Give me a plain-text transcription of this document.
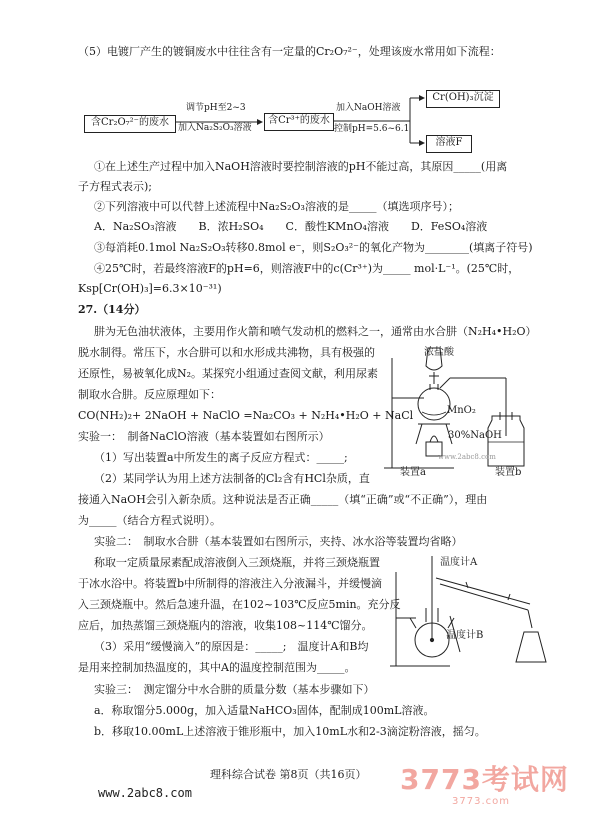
（5）电镀厂产生的镀铜废水中往往含有一定量的Cr₂O₇²⁻，处理该废水常用如下流程：
含Cr₂O₇²⁻的废水
调节pH至2~3
加入Na₂S₂O₃溶液
含Cr³⁺的废水
加入NaOH溶液
控制pH=5.6~6.1
Cr(OH)₃沉淀
溶液F
①在上述生产过程中加入NaOH溶液时要控制溶液的pH不能过高，其原因_____(用离
子方程式表示);
②下列溶液中可以代替上述流程中Na₂S₂O₃溶液的是_____（填选项序号）；
A．Na₂SO₃溶液　　B．浓H₂SO₄　　C．酸性KMnO₄溶液　　D．FeSO₄溶液
③每消耗0.1mol Na₂S₂O₃转移0.8mol e⁻，则S₂O₃²⁻的氧化产物为________(填离子符号)
④25℃时，若最终溶液F的pH=6，则溶液F中的c(Cr³⁺)为_____ mol·L⁻¹。(25℃时，
Ksp[Cr(OH)₃]=6.3×10⁻³¹)
27.（14分）
肼为无色油状液体，主要用作火箭和喷气发动机的燃料之一，通常由水合肼（N₂H₄•H₂O）
脱水制得。常压下，水合肼可以和水形成共沸物，具有极强的
还原性，易被氧化成N₂。某探究小组通过查阅文献，利用尿素
制取水合肼。反应原理如下：
CO(NH₂)₂+ 2NaOH + NaClO =Na₂CO₃ + N₂H₄•H₂O + NaCl
实验一：　制备NaClO溶液（基本装置如右图所示）
（1）写出装置a中所发生的离子反应方程式：_____;
（2）某同学认为用上述方法制备的Cl₂含有HCl杂质，直
接通入NaOH会引入新杂质。这种说法是否正确_____（填“正确”或“不正确”），理由
为_____（结合方程式说明）。
实验二：　制取水合肼（基本装置如右图所示，夹持、冰水浴等装置均省略）
称取一定质量尿素配成溶液倒入三颈烧瓶，并将三颈烧瓶置
于冰水浴中。将装置b中所制得的溶液注入分液漏斗，并缓慢滴
入三颈烧瓶中。然后急速升温，在102~103℃反应5min。充分反
应后，加热蒸馏三颈烧瓶内的溶液，收集108~114℃馏分。
（3）采用“缓慢滴入”的原因是：_____;　温度计A和B均
是用来控制加热温度的，其中A的温度控制范围为_____。
实验三：　测定馏分中水合肼的质量分数（基本步骤如下）
a．称取馏分5.000g，加入适量NaHCO₃固体，配制成100mL溶液。
b．移取10.00mL上述溶液于锥形瓶中，加入10mL水和2-3滴淀粉溶液，摇匀。
浓盐酸
MnO₂
30%NaOH
装置a	装置b
www.2abc8.com
温度计A
温度计B
理科综合试卷 第8页（共16页）
www.2abc8.com	3773考试网
3773.com
